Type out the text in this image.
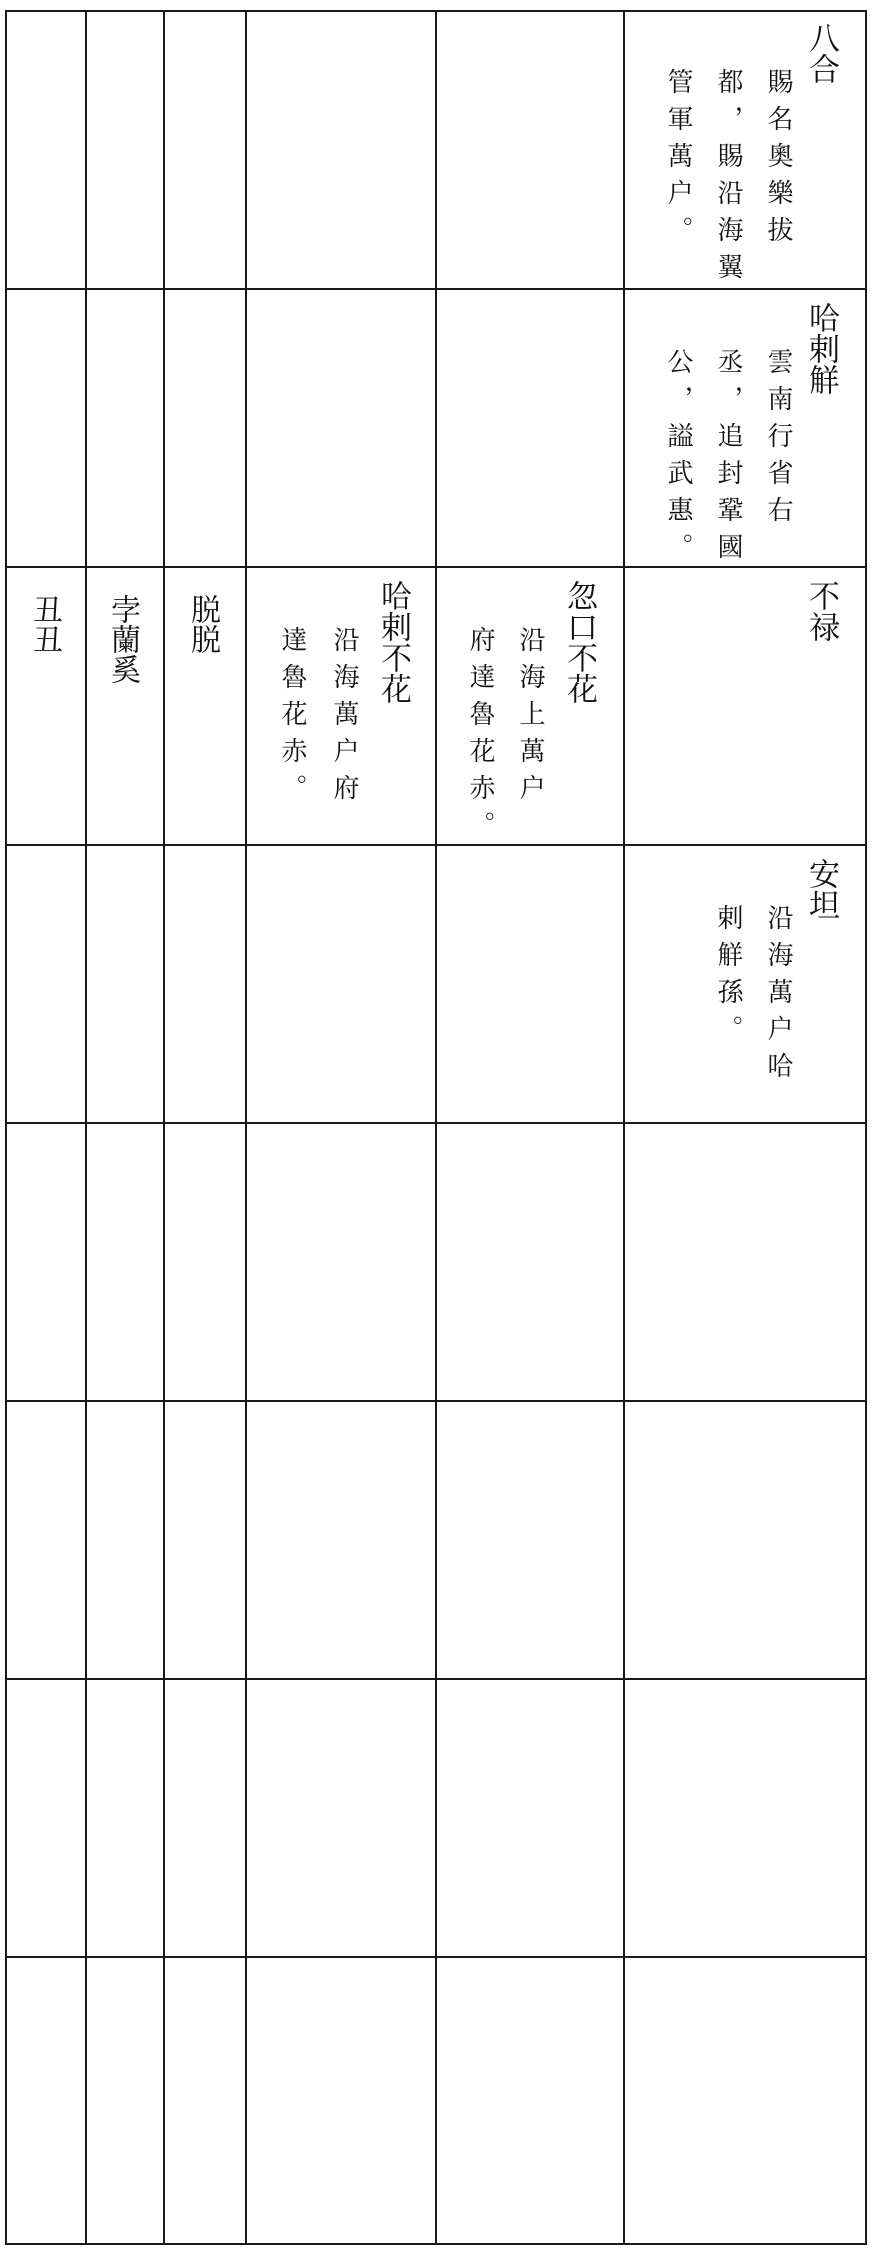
八合
賜名奧樂拔
都，賜沿海翼
管軍萬户。
哈剌觧
雲南行省右
丞，追封鞏國
公，謚武惠。
不禄
忽口不花
沿海上萬户
府達魯花赤。
哈剌不花
沿海萬户府
達魯花赤。
脱脱
孛蘭奚
丑丑
安坦
沿海萬户哈
剌觧孫。
